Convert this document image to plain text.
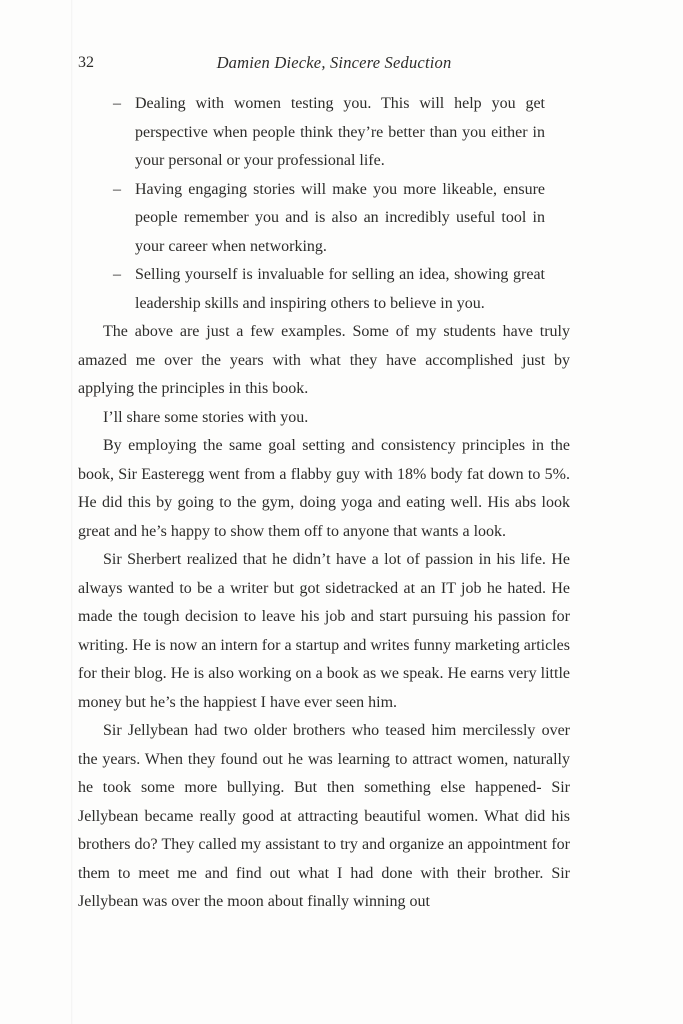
32	Damien Diecke, Sincere Seduction
– Dealing with women testing you. This will help you get perspective when people think they’re better than you either in your personal or your professional life.
– Having engaging stories will make you more likeable, ensure people remember you and is also an incredibly useful tool in your career when networking.
– Selling yourself is invaluable for selling an idea, showing great leadership skills and inspiring others to believe in you.

The above are just a few examples. Some of my students have truly amazed me over the years with what they have accomplished just by applying the principles in this book.

I’ll share some stories with you.

By employing the same goal setting and consistency principles in the book, Sir Easteregg went from a flabby guy with 18% body fat down to 5%. He did this by going to the gym, doing yoga and eating well. His abs look great and he’s happy to show them off to anyone that wants a look.

Sir Sherbert realized that he didn’t have a lot of passion in his life. He always wanted to be a writer but got sidetracked at an IT job he hated. He made the tough decision to leave his job and start pursuing his passion for writing. He is now an intern for a startup and writes funny marketing articles for their blog. He is also working on a book as we speak. He earns very little money but he’s the happiest I have ever seen him.

Sir Jellybean had two older brothers who teased him mercilessly over the years. When they found out he was learning to attract women, naturally he took some more bullying. But then something else happened- Sir Jellybean became really good at attracting beautiful women. What did his brothers do? They called my assistant to try and organize an appointment for them to meet me and find out what I had done with their brother. Sir Jellybean was over the moon about finally winning out
